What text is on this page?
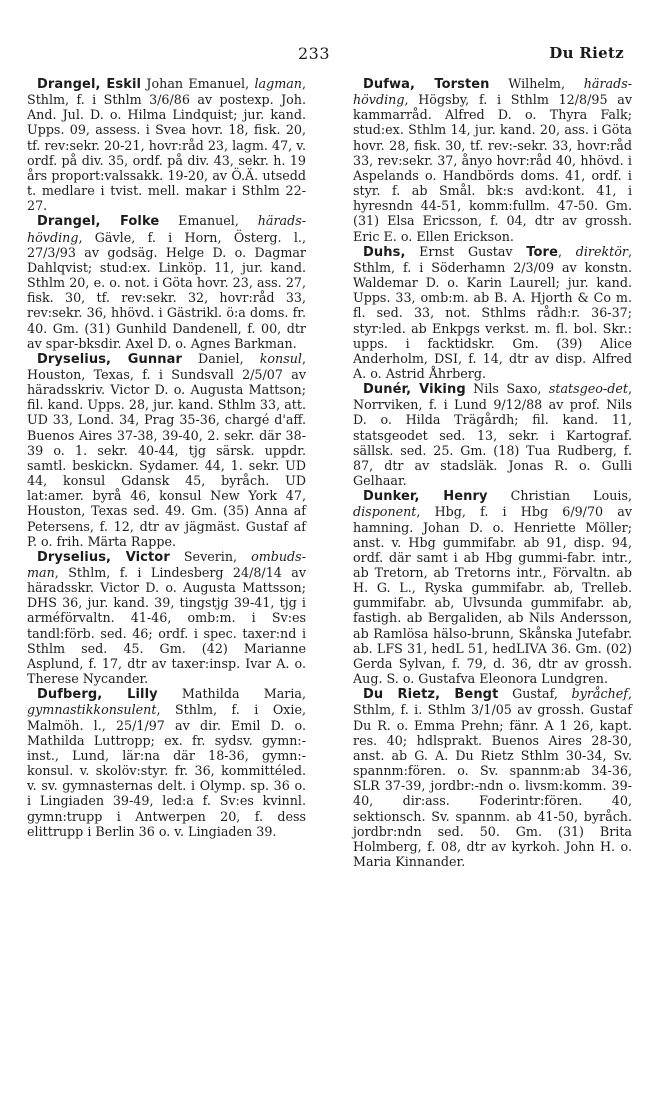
233	Du Rietz

Drangel, Eskil Johan Emanuel, lagman, Sthlm, f. i Sthlm 3/6/86 av postexp. Joh. And. Jul. D. o. Hilma Lindquist; jur. kand. Upps. 09, assess. i Svea hovr. 18, fisk. 20, tf. rev:sekr. 20-21, hovr:råd 23, lagm. 47, v. ordf. på div. 35, ordf. på div. 43, sekr. h. 19 års proport:valssakk. 19-20, av Ö.Ä. utsedd t. medlare i tvist. mell. makar i Sthlm 22-27.

Drangel, Folke Emanuel, härads-hövding, Gävle, f. i Horn, Österg. l., 27/3/93 av godsäg. Helge D. o. Dagmar Dahlqvist; stud:ex. Linköp. 11, jur. kand. Sthlm 20, e. o. not. i Göta hovr. 23, ass. 27, fisk. 30, tf. rev:sekr. 32, hovr:råd 33, rev:sekr. 36, hhövd. i Gästrikl. ö:a doms. fr. 40. Gm. (31) Gunhild Dandenell, f. 00, dtr av spar-bksdir. Axel D. o. Agnes Barkman.

Dryselius, Gunnar Daniel, konsul, Houston, Texas, f. i Sundsvall 2/5/07 av häradsskriv. Victor D. o. Augusta Mattson; fil. kand. Upps. 28, jur. kand. Sthlm 33, att. UD 33, Lond. 34, Prag 35-36, chargé d'aff. Buenos Aires 37-38, 39-40, 2. sekr. där 38-39 o. 1. sekr. 40-44, tjg särsk. uppdr. samtl. beskickn. Sydamer. 44, 1. sekr. UD 44, konsul Gdansk 45, byråch. UD lat:amer. byrå 46, konsul New York 47, Houston, Texas sed. 49. Gm. (35) Anna af Petersens, f. 12, dtr av jägmäst. Gustaf af P. o. frih. Märta Rappe.

Dryselius, Victor Severin, ombuds-man, Sthlm, f. i Lindesberg 24/8/14 av häradsskr. Victor D. o. Augusta Mattsson; DHS 36, jur. kand. 39, tingstjg 39-41, tjg i arméförvaltn. 41-46, omb:m. i Sv:es tandl:förb. sed. 46; ordf. i spec. taxer:nd i Sthlm sed. 45. Gm. (42) Marianne Asplund, f. 17, dtr av taxer:insp. Ivar A. o. Therese Nycander.

Dufberg, Lilly Mathilda Maria, gymnastikkonsulent, Sthlm, f. i Oxie, Malmöh. l., 25/1/97 av dir. Emil D. o. Mathilda Luttropp; ex. fr. sydsv. gymn:-inst., Lund, lär:na där 18-36, gymn:-konsul. v. skolöv:styr. fr. 36, kommittéled. v. sv. gymnasternas delt. i Olymp. sp. 36 o. i Lingiaden 39-49, led:a f. Sv:es kvinnl. gymn:trupp i Antwerpen 20, f. dess elittrupp i Berlin 36 o. v. Lingiaden 39.

Dufwa, Torsten Wilhelm, härads-hövding, Högsby, f. i Sthlm 12/8/95 av kammarråd. Alfred D. o. Thyra Falk; stud:ex. Sthlm 14, jur. kand. 20, ass. i Göta hovr. 28, fisk. 30, tf. rev:-sekr. 33, hovr:råd 33, rev:sekr. 37, ånyo hovr:råd 40, hhövd. i Aspelands o. Handbörds doms. 41, ordf. i styr. f. ab Smål. bk:s avd:kont. 41, i hyresndn 44-51, komm:fullm. 47-50. Gm. (31) Elsa Ericsson, f. 04, dtr av grossh. Eric E. o. Ellen Erickson.

Duhs, Ernst Gustav Tore, direktör, Sthlm, f. i Söderhamn 2/3/09 av konstn. Waldemar D. o. Karin Laurell; jur. kand. Upps. 33, omb:m. ab B. A. Hjorth & Co m. fl. sed. 33, not. Sthlms rådh:r. 36-37; styr:led. ab Enkpgs verkst. m. fl. bol. Skr.: upps. i facktidskr. Gm. (39) Alice Anderholm, DSI, f. 14, dtr av disp. Alfred A. o. Astrid Åhrberg.

Dunér, Viking Nils Saxo, statsgeo-det, Norrviken, f. i Lund 9/12/88 av prof. Nils D. o. Hilda Trägårdh; fil. kand. 11, statsgeodet sed. 13, sekr. i Kartograf. sällsk. sed. 25. Gm. (18) Tua Rudberg, f. 87, dtr av stadsläk. Jonas R. o. Gulli Gelhaar.

Dunker, Henry Christian Louis, disponent, Hbg, f. i Hbg 6/9/70 av hamning. Johan D. o. Henriette Möller; anst. v. Hbg gummifabr. ab 91, disp. 94, ordf. där samt i ab Hbg gummi-fabr. intr., ab Tretorn, ab Tretorns intr., Förvaltn. ab H. G. L., Ryska gummifabr. ab, Trelleb. gummifabr. ab, Ulvsunda gummifabr. ab, fastigh. ab Bergaliden, ab Nils Andersson, ab Ramlösa hälso-brunn, Skånska Jutefabr. ab. LFS 31, hedL 51, hedLIVA 36. Gm. (02) Gerda Sylvan, f. 79, d. 36, dtr av grossh. Aug. S. o. Gustafva Eleonora Lundgren.

Du Rietz, Bengt Gustaf, byråchef, Sthlm, f. i. Sthlm 3/1/05 av grossh. Gustaf Du R. o. Emma Prehn; fänr. A 1 26, kapt. res. 40; hdlsprakt. Buenos Aires 28-30, anst. ab G. A. Du Rietz Sthlm 30-34, Sv. spannm:fören. o. Sv. spannm:ab 34-36, SLR 37-39, jordbr:-ndn o. livsm:komm. 39-40, dir:ass. Foderintr:fören. 40, sektionsch. Sv. spannm. ab 41-50, byråch. jordbr:ndn sed. 50. Gm. (31) Brita Holmberg, f. 08, dtr av kyrkoh. John H. o. Maria Kinnander.
